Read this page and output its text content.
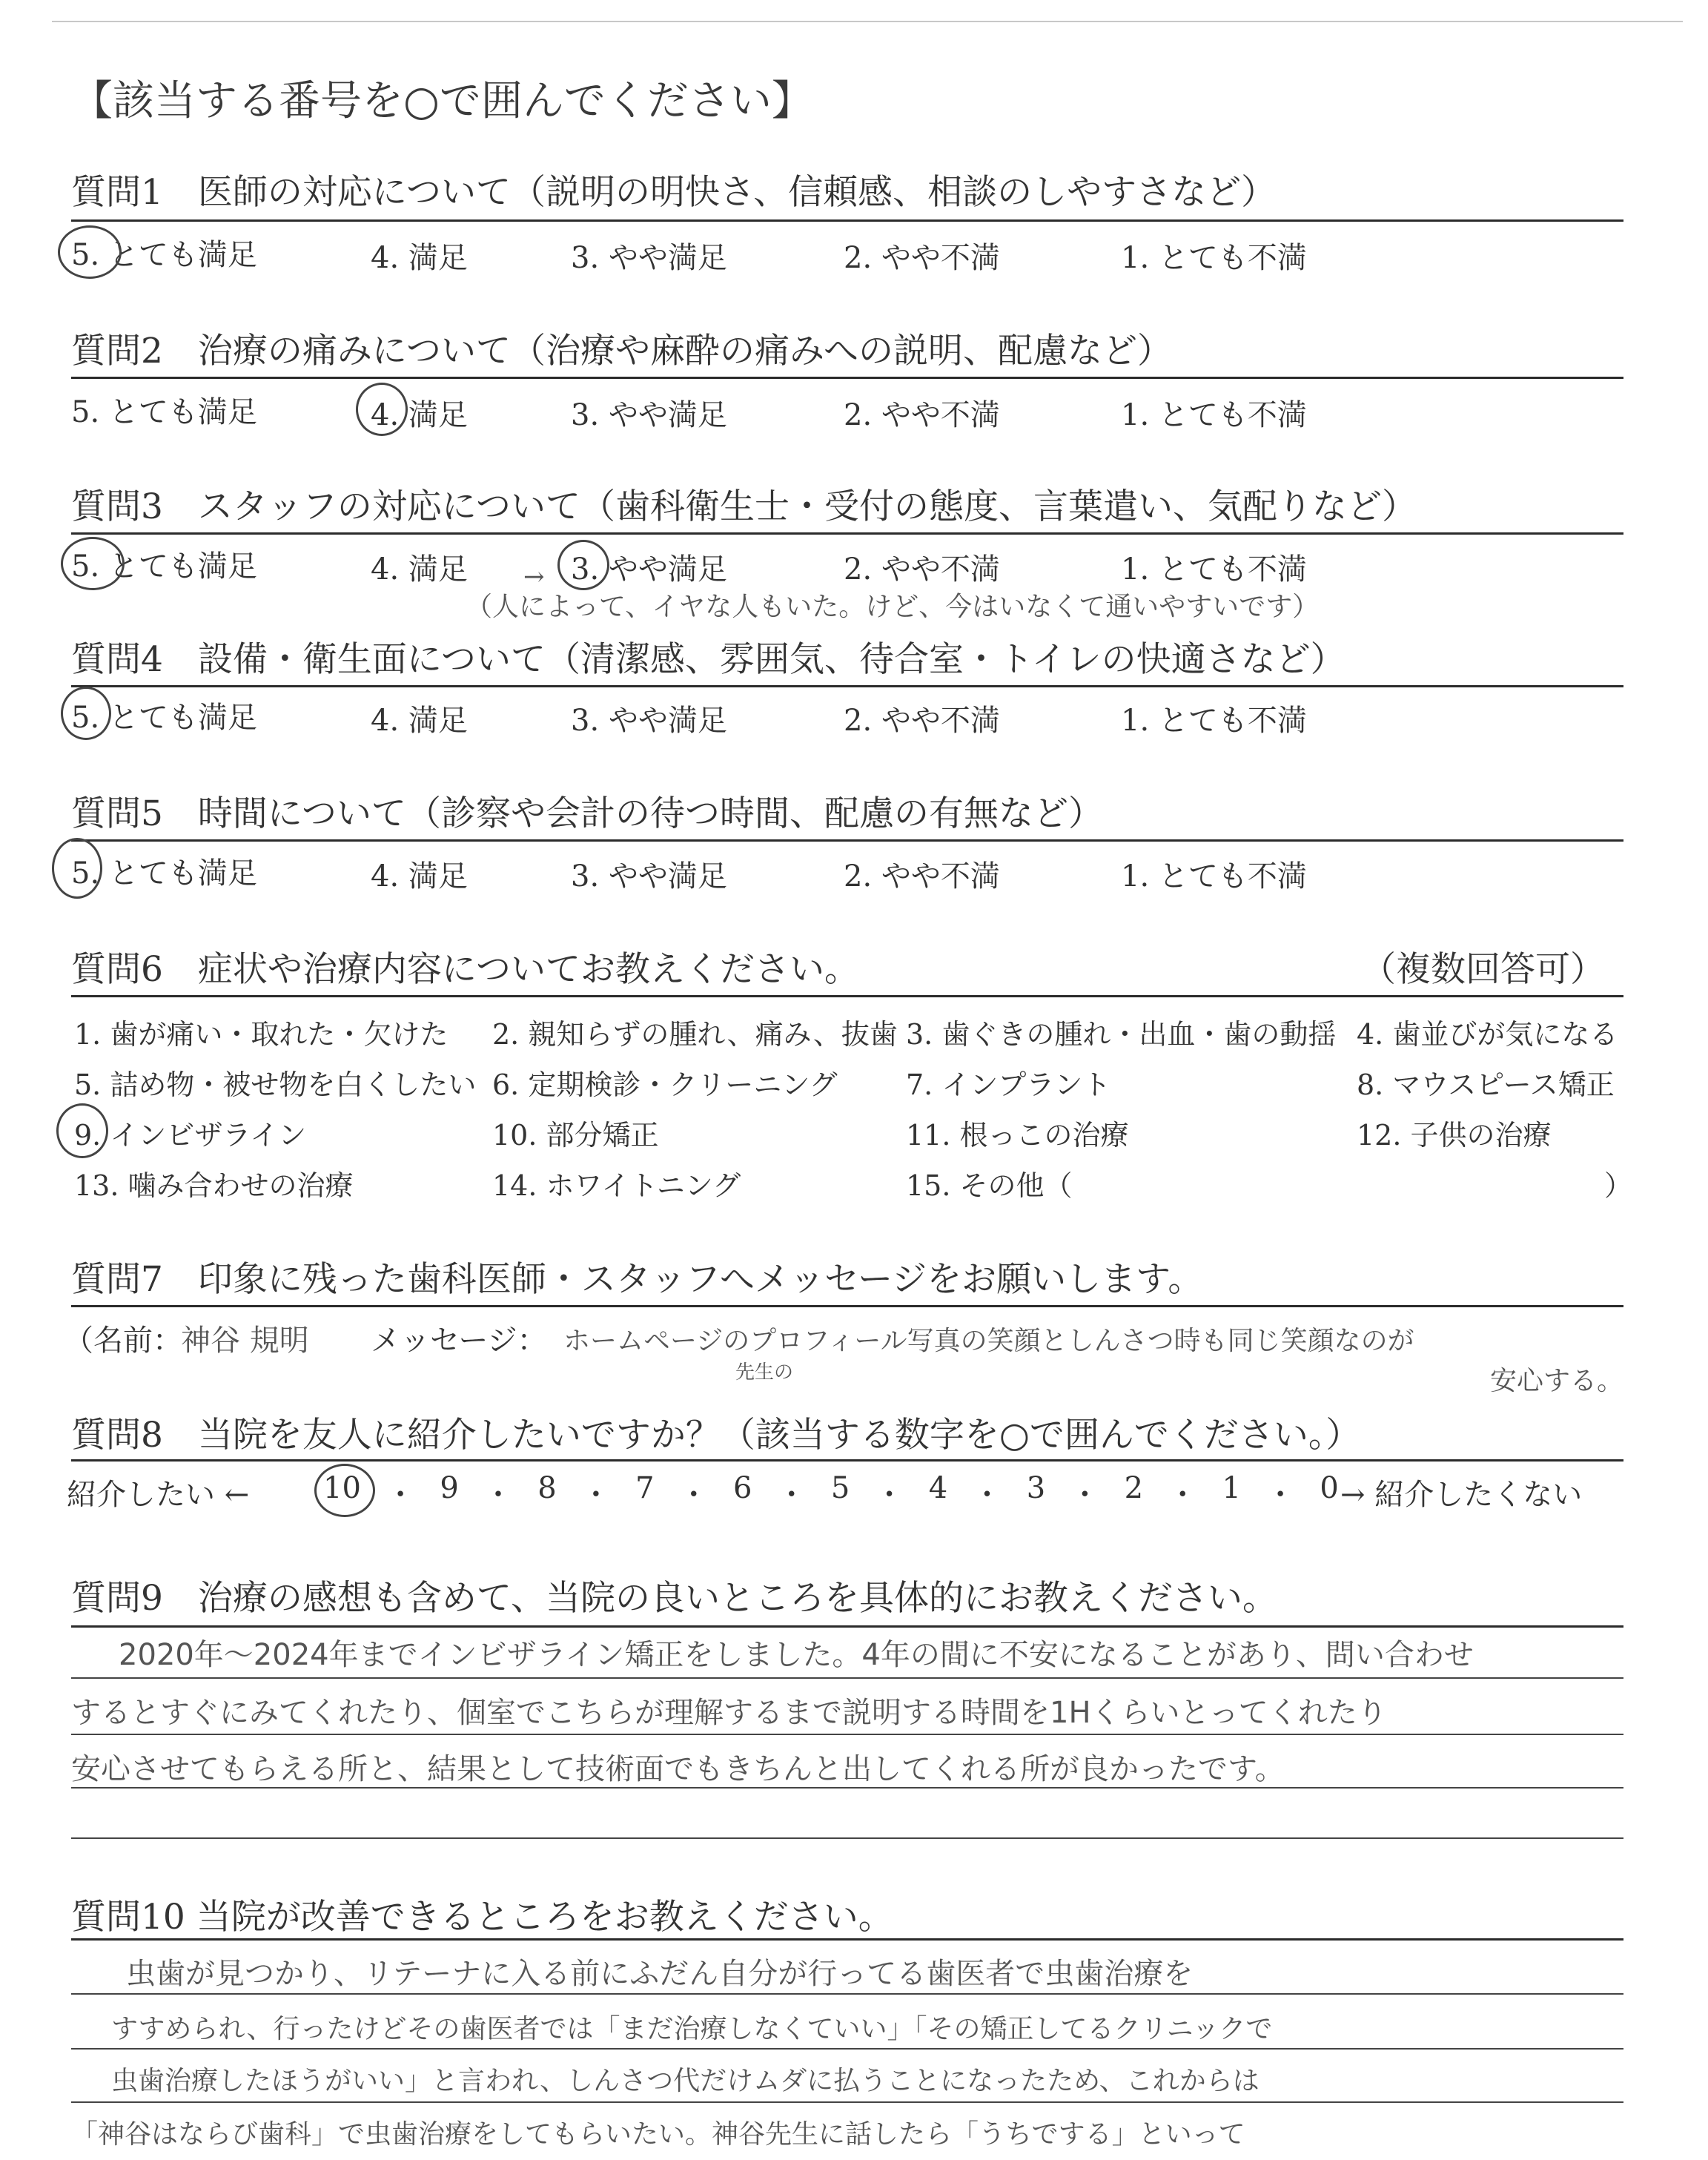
【該当する番号を○で囲んでください】
質問1　医師の対応について（説明の明快さ、信頼感、相談のしやすさなど）
5. とても満足	4. 満足	3. やや満足	2. やや不満	1. とても不満
質問2　治療の痛みについて（治療や麻酔の痛みへの説明、配慮など）
5. とても満足	4. 満足	3. やや満足	2. やや不満	1. とても不満
質問3　スタッフの対応について（歯科衛生士・受付の態度、言葉遣い、気配りなど）
5. とても満足	4. 満足	3. やや満足	2. やや不満	1. とても不満
→
（人によって、イヤな人もいた。けど、今はいなくて通いやすいです）
質問4　設備・衛生面について（清潔感、雰囲気、待合室・トイレの快適さなど）
5. とても満足	4. 満足	3. やや満足	2. やや不満	1. とても不満
質問5　時間について（診察や会計の待つ時間、配慮の有無など）
5. とても満足	4. 満足	3. やや満足	2. やや不満	1. とても不満
質問6　症状や治療内容についてお教えください。	（複数回答可）
1. 歯が痛い・取れた・欠けた 2. 親知らずの腫れ、痛み、抜歯 3. 歯ぐきの腫れ・出血・歯の動揺 4. 歯並びが気になる
5. 詰め物・被せ物を白くしたい 6. 定期検診・クリーニング 7. インプラント	8. マウスピース矯正
9. インビザライン	10. 部分矯正	11. 根っこの治療	12. 子供の治療
13. 噛み合わせの治療	14. ホワイトニング	15. その他（	）
質問7　印象に残った歯科医師・スタッフへメッセージをお願いします。
（名前：
神谷 規明 メッセージ： ホームページのプロフィール写真の笑顔としんさつ時も同じ笑顔なのが
先生の	安心する。
質問8　当院を友人に紹介したいですか？（該当する数字を○で囲んでください。）
紹介したい ← 10 ・ 9 ・ 8 ・ 7 ・ 6 ・ 5 ・ 4 ・ 3 ・ 2 ・ 1 ・ 0 → 紹介したくない
質問9　治療の感想も含めて、当院の良いところを具体的にお教えください。
2020年〜2024年までインビザライン矯正をしました。4年の間に不安になることがあり、問い合わせ
するとすぐにみてくれたり、個室でこちらが理解するまで説明する時間を1Hくらいとってくれたり
安心させてもらえる所と、結果として技術面でもきちんと出してくれる所が良かったです。
質問10 当院が改善できるところをお教えください。
虫歯が見つかり、リテーナに入る前にふだん自分が行ってる歯医者で虫歯治療を
すすめられ、行ったけどその歯医者では「まだ治療しなくていい」「その矯正してるクリニックで
虫歯治療したほうがいい」と言われ、しんさつ代だけムダに払うことになったため、これからは
「神谷はならび歯科」で虫歯治療をしてもらいたい。神谷先生に話したら「うちでする」といって
